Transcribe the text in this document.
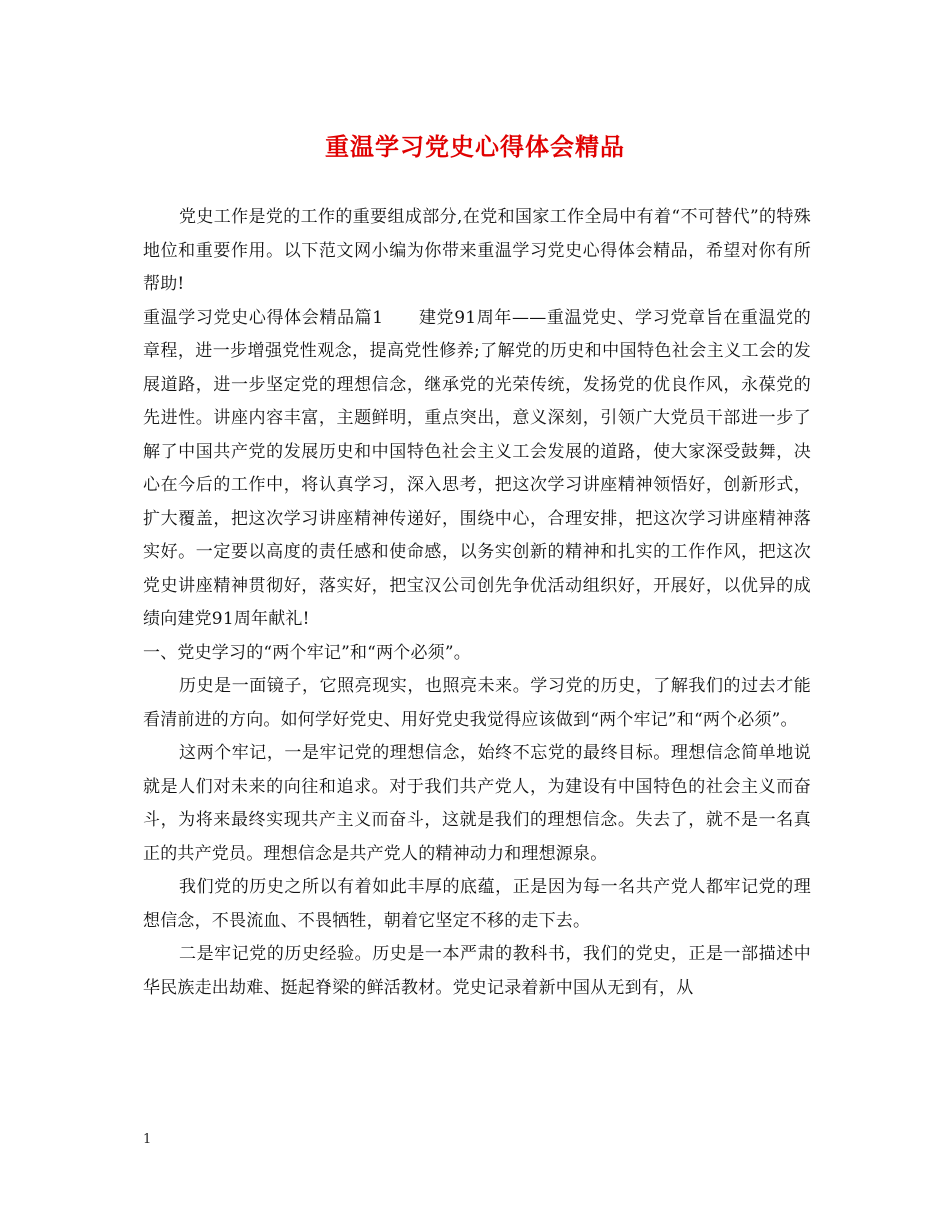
重温学习党史心得体会精品

党史工作是党的工作的重要组成部分,在党和国家工作全局中有着“不可替代”的特殊地位和重要作用。以下范文网小编为你带来重温学习党史心得体会精品，希望对你有所帮助!

重温学习党史心得体会精品篇1　　建党91周年——重温党史、学习党章旨在重温党的章程，进一步增强党性观念，提高党性修养;了解党的历史和中国特色社会主义工会的发展道路，进一步坚定党的理想信念，继承党的光荣传统，发扬党的优良作风，永葆党的先进性。讲座内容丰富，主题鲜明，重点突出，意义深刻，引领广大党员干部进一步了解了中国共产党的发展历史和中国特色社会主义工会发展的道路，使大家深受鼓舞，决心在今后的工作中，将认真学习，深入思考，把这次学习讲座精神领悟好，创新形式，扩大覆盖，把这次学习讲座精神传递好，围绕中心，合理安排，把这次学习讲座精神落实好。一定要以高度的责任感和使命感，以务实创新的精神和扎实的工作作风，把这次党史讲座精神贯彻好，落实好，把宝汉公司创先争优活动组织好，开展好，以优异的成绩向建党91周年献礼!

一、党史学习的“两个牢记”和“两个必须”。

历史是一面镜子，它照亮现实，也照亮未来。学习党的历史，了解我们的过去才能看清前进的方向。如何学好党史、用好党史我觉得应该做到“两个牢记”和“两个必须”。

这两个牢记，一是牢记党的理想信念，始终不忘党的最终目标。理想信念简单地说就是人们对未来的向往和追求。对于我们共产党人，为建设有中国特色的社会主义而奋斗，为将来最终实现共产主义而奋斗，这就是我们的理想信念。失去了，就不是一名真正的共产党员。理想信念是共产党人的精神动力和理想源泉。

我们党的历史之所以有着如此丰厚的底蕴，正是因为每一名共产党人都牢记党的理想信念，不畏流血、不畏牺牲，朝着它坚定不移的走下去。

二是牢记党的历史经验。历史是一本严肃的教科书，我们的党史，正是一部描述中华民族走出劫难、挺起脊梁的鲜活教材。党史记录着新中国从无到有，从

1
